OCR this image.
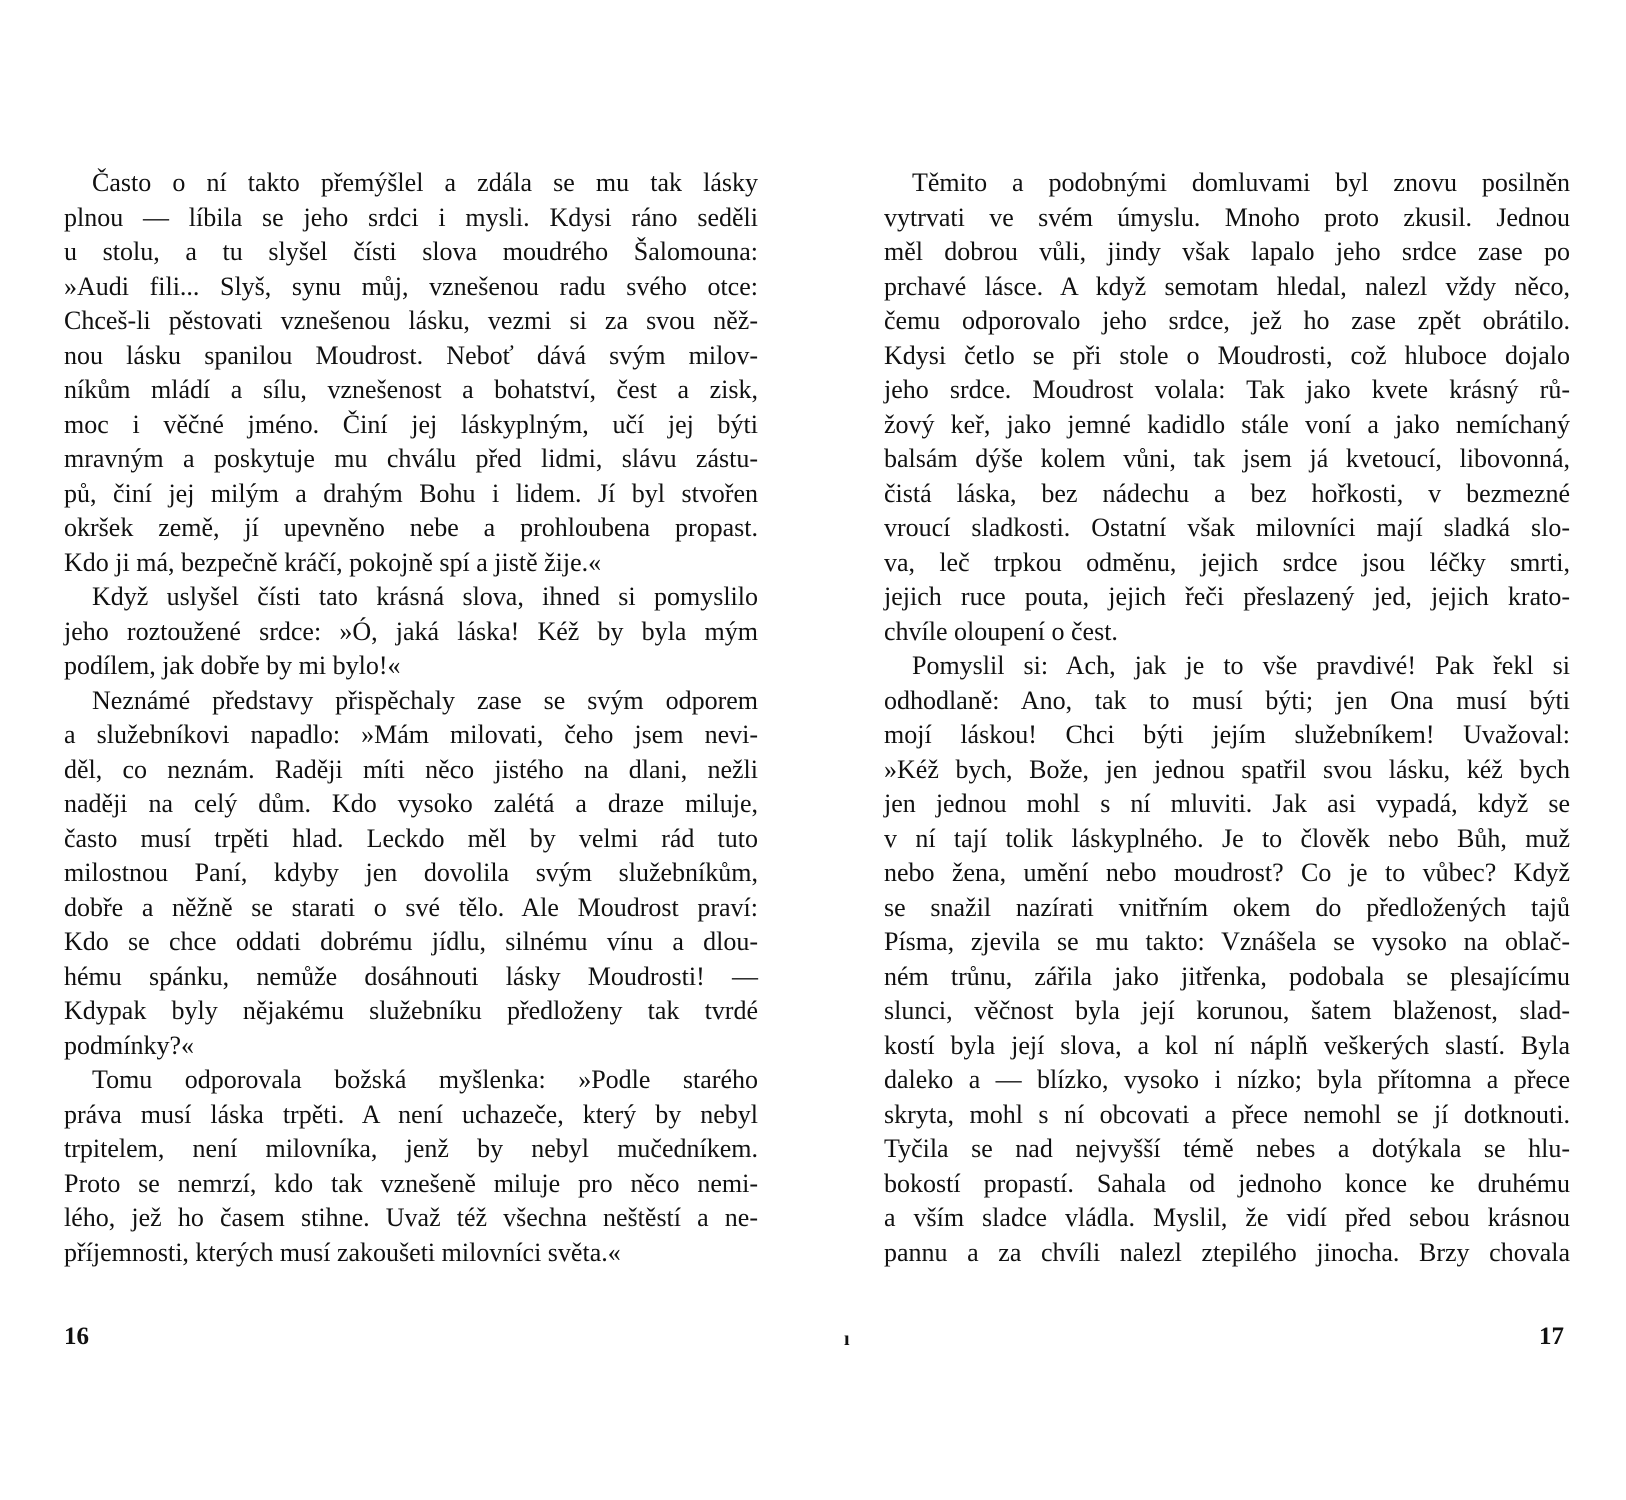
Často o ní takto přemýšlel a zdála se mu tak lásky
plnou — líbila se jeho srdci i mysli. Kdysi ráno seděli
u stolu, a tu slyšel čísti slova moudrého Šalomouna:
»Audi fili... Slyš, synu můj, vznešenou radu svého otce:
Chceš-li pěstovati vznešenou lásku, vezmi si za svou něž-
nou lásku spanilou Moudrost. Neboť dává svým milov-
níkům mládí a sílu, vznešenost a bohatství, čest a zisk,
moc i věčné jméno. Činí jej láskyplným, učí jej býti
mravným a poskytuje mu chválu před lidmi, slávu zástu-
pů, činí jej milým a drahým Bohu i lidem. Jí byl stvořen
okršek země, jí upevněno nebe a prohloubena propast.
Kdo ji má, bezpečně kráčí, pokojně spí a jistě žije.«
Když uslyšel čísti tato krásná slova, ihned si pomyslilo
jeho roztoužené srdce: »Ó, jaká láska! Kéž by byla mým
podílem, jak dobře by mi bylo!«
Neznámé představy přispěchaly zase se svým odporem
a služebníkovi napadlo: »Mám milovati, čeho jsem nevi-
děl, co neznám. Raději míti něco jistého na dlani, nežli
naději na celý dům. Kdo vysoko zalétá a draze miluje,
často musí trpěti hlad. Leckdo měl by velmi rád tuto
milostnou Paní, kdyby jen dovolila svým služebníkům,
dobře a něžně se starati o své tělo. Ale Moudrost praví:
Kdo se chce oddati dobrému jídlu, silnému vínu a dlou-
hému spánku, nemůže dosáhnouti lásky Moudrosti! —
Kdypak byly nějakému služebníku předloženy tak tvrdé
podmínky?«
Tomu odporovala božská myšlenka: »Podle starého
práva musí láska trpěti. A není uchazeče, který by nebyl
trpitelem, není milovníka, jenž by nebyl mučedníkem.
Proto se nemrzí, kdo tak vznešeně miluje pro něco nemi-
lého, jež ho časem stihne. Uvaž též všechna neštěstí a ne-
příjemnosti, kterých musí zakoušeti milovníci světa.«
16
Těmito a podobnými domluvami byl znovu posilněn
vytrvati ve svém úmyslu. Mnoho proto zkusil. Jednou
měl dobrou vůli, jindy však lapalo jeho srdce zase po
prchavé lásce. A když semotam hledal, nalezl vždy něco,
čemu odporovalo jeho srdce, jež ho zase zpět obrátilo.
Kdysi četlo se při stole o Moudrosti, což hluboce dojalo
jeho srdce. Moudrost volala: Tak jako kvete krásný rů-
žový keř, jako jemné kadidlo stále voní a jako nemíchaný
balsám dýše kolem vůni, tak jsem já kvetoucí, libovonná,
čistá láska, bez nádechu a bez hořkosti, v bezmezné
vroucí sladkosti. Ostatní však milovníci mají sladká slo-
va, leč trpkou odměnu, jejich srdce jsou léčky smrti,
jejich ruce pouta, jejich řeči přeslazený jed, jejich krato-
chvíle oloupení o čest.
Pomyslil si: Ach, jak je to vše pravdivé! Pak řekl si
odhodlaně: Ano, tak to musí býti; jen Ona musí býti
mojí láskou! Chci býti jejím služebníkem! Uvažoval:
»Kéž bych, Bože, jen jednou spatřil svou lásku, kéž bych
jen jednou mohl s ní mluviti. Jak asi vypadá, když se
v ní tají tolik láskyplného. Je to člověk nebo Bůh, muž
nebo žena, umění nebo moudrost? Co je to vůbec? Když
se snažil nazírati vnitřním okem do předložených tajů
Písma, zjevila se mu takto: Vznášela se vysoko na oblač-
ném trůnu, zářila jako jitřenka, podobala se plesajícímu
slunci, věčnost byla její korunou, šatem blaženost, slad-
kostí byla její slova, a kol ní náplň veškerých slastí. Byla
daleko a — blízko, vysoko i nízko; byla přítomna a přece
skryta, mohl s ní obcovati a přece nemohl se jí dotknouti.
Tyčila se nad nejvyšší témě nebes a dotýkala se hlu-
bokostí propastí. Sahala od jednoho konce ke druhému
a vším sladce vládla. Myslil, že vidí před sebou krásnou
pannu a za chvíli nalezl ztepilého jinocha. Brzy chovala
ı	17
